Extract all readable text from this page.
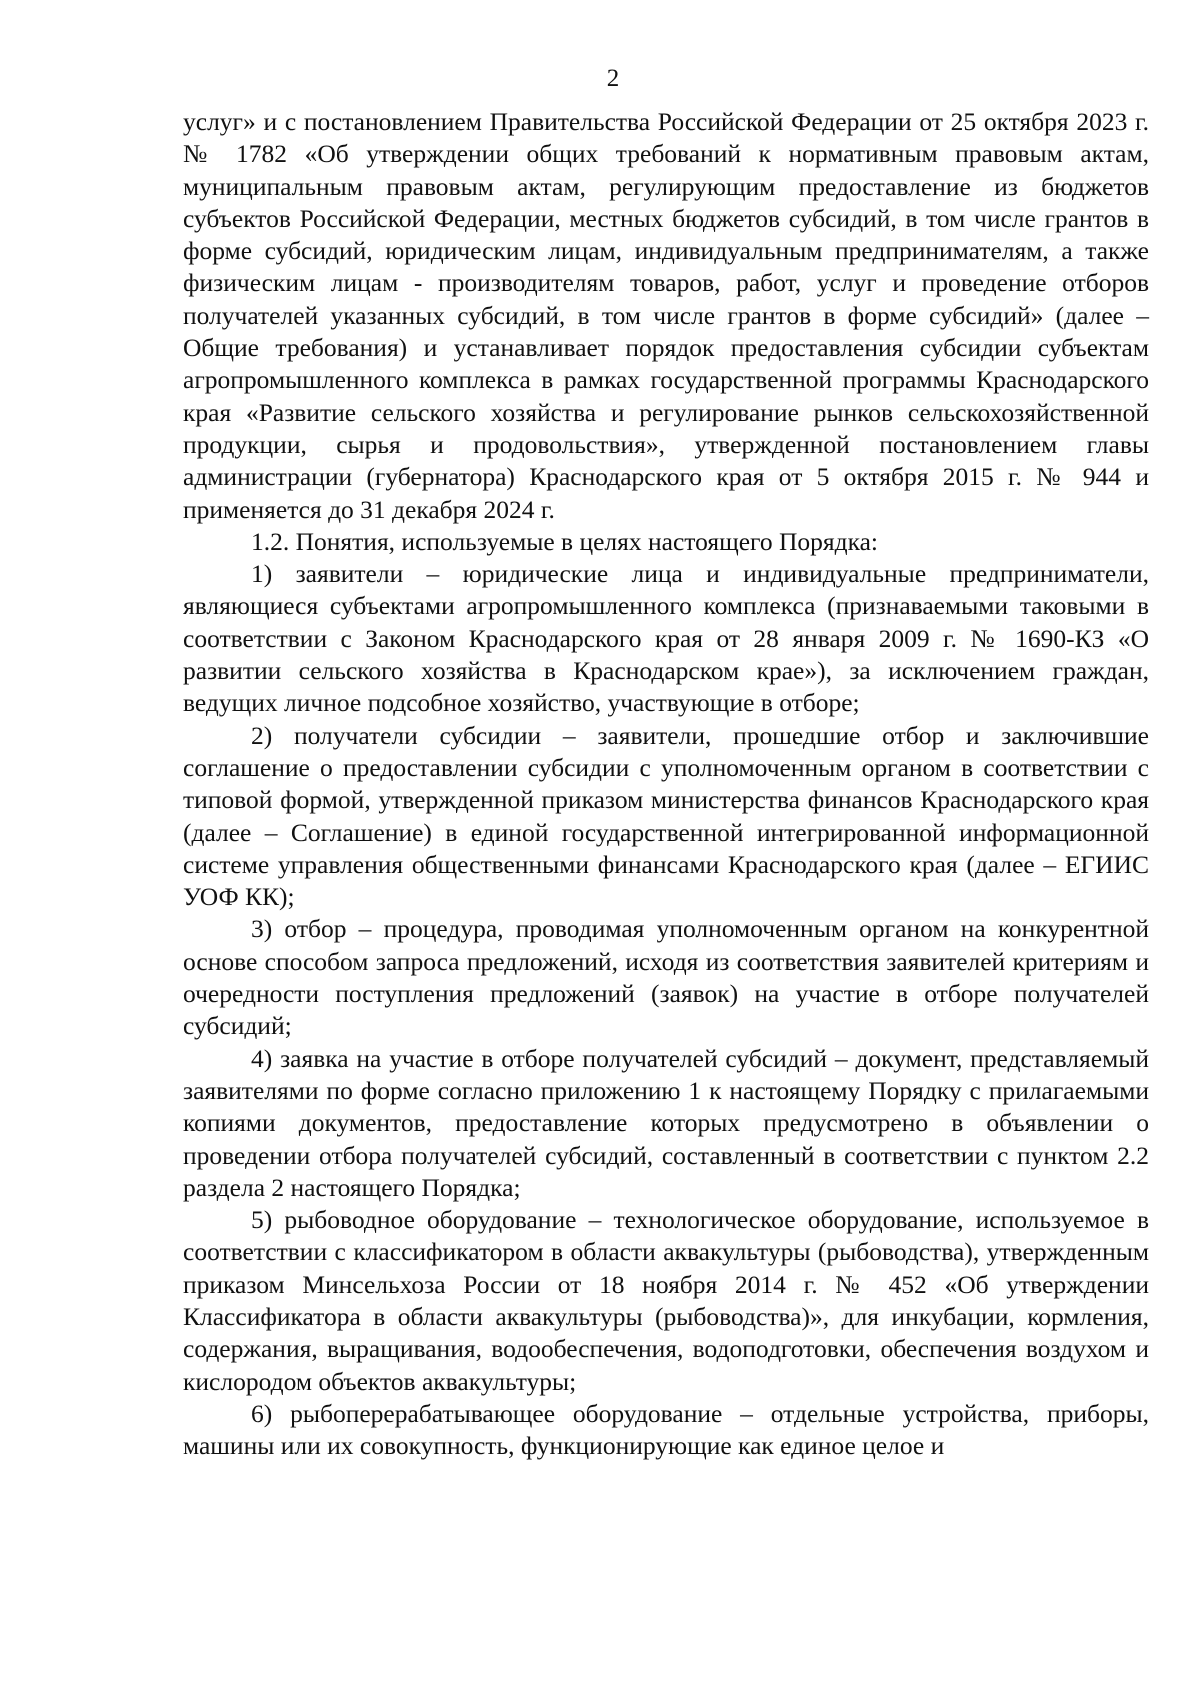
2

услуг» и с постановлением Правительства Российской Федерации от 25 октября 2023 г. № 1782 «Об утверждении общих требований к нормативным правовым актам, муниципальным правовым актам, регулирующим предоставление из бюджетов субъектов Российской Федерации, местных бюджетов субсидий, в том числе грантов в форме субсидий, юридическим лицам, индивидуальным предпринимателям, а также физическим лицам - производителям товаров, работ, услуг и проведение отборов получателей указанных субсидий, в том числе грантов в форме субсидий» (далее – Общие требования) и устанавливает порядок предоставления субсидии субъектам агропромышленного комплекса в рамках государственной программы Краснодарского края «Развитие сельского хозяйства и регулирование рынков сельскохозяйственной продукции, сырья и продовольствия», утвержденной постановлением главы администрации (губернатора) Краснодарского края от 5 октября 2015 г. № 944 и применяется до 31 декабря 2024 г.

1.2. Понятия, используемые в целях настоящего Порядка:

1) заявители – юридические лица и индивидуальные предприниматели, являющиеся субъектами агропромышленного комплекса (признаваемыми таковыми в соответствии с Законом Краснодарского края от 28 января 2009 г. № 1690-КЗ «О развитии сельского хозяйства в Краснодарском крае»), за исключением граждан, ведущих личное подсобное хозяйство, участвующие в отборе;

2) получатели субсидии – заявители, прошедшие отбор и заключившие соглашение о предоставлении субсидии с уполномоченным органом в соответствии с типовой формой, утвержденной приказом министерства финансов Краснодарского края (далее – Соглашение) в единой государственной интегрированной информационной системе управления общественными финансами Краснодарского края (далее – ЕГИИС УОФ КК);

3) отбор – процедура, проводимая уполномоченным органом на конкурентной основе способом запроса предложений, исходя из соответствия заявителей критериям и очередности поступления предложений (заявок) на участие в отборе получателей субсидий;

4) заявка на участие в отборе получателей субсидий – документ, представляемый заявителями по форме согласно приложению 1 к настоящему Порядку с прилагаемыми копиями документов, предоставление которых предусмотрено в объявлении о проведении отбора получателей субсидий, составленный в соответствии с пунктом 2.2 раздела 2 настоящего Порядка;

5) рыбоводное оборудование – технологическое оборудование, используемое в соответствии с классификатором в области аквакультуры (рыбоводства), утвержденным приказом Минсельхоза России от 18 ноября 2014 г. № 452 «Об утверждении Классификатора в области аквакультуры (рыбоводства)», для инкубации, кормления, содержания, выращивания, водообеспечения, водоподготовки, обеспечения воздухом и кислородом объектов аквакультуры;

6) рыбоперерабатывающее оборудование – отдельные устройства, приборы, машины или их совокупность, функционирующие как единое целое и
